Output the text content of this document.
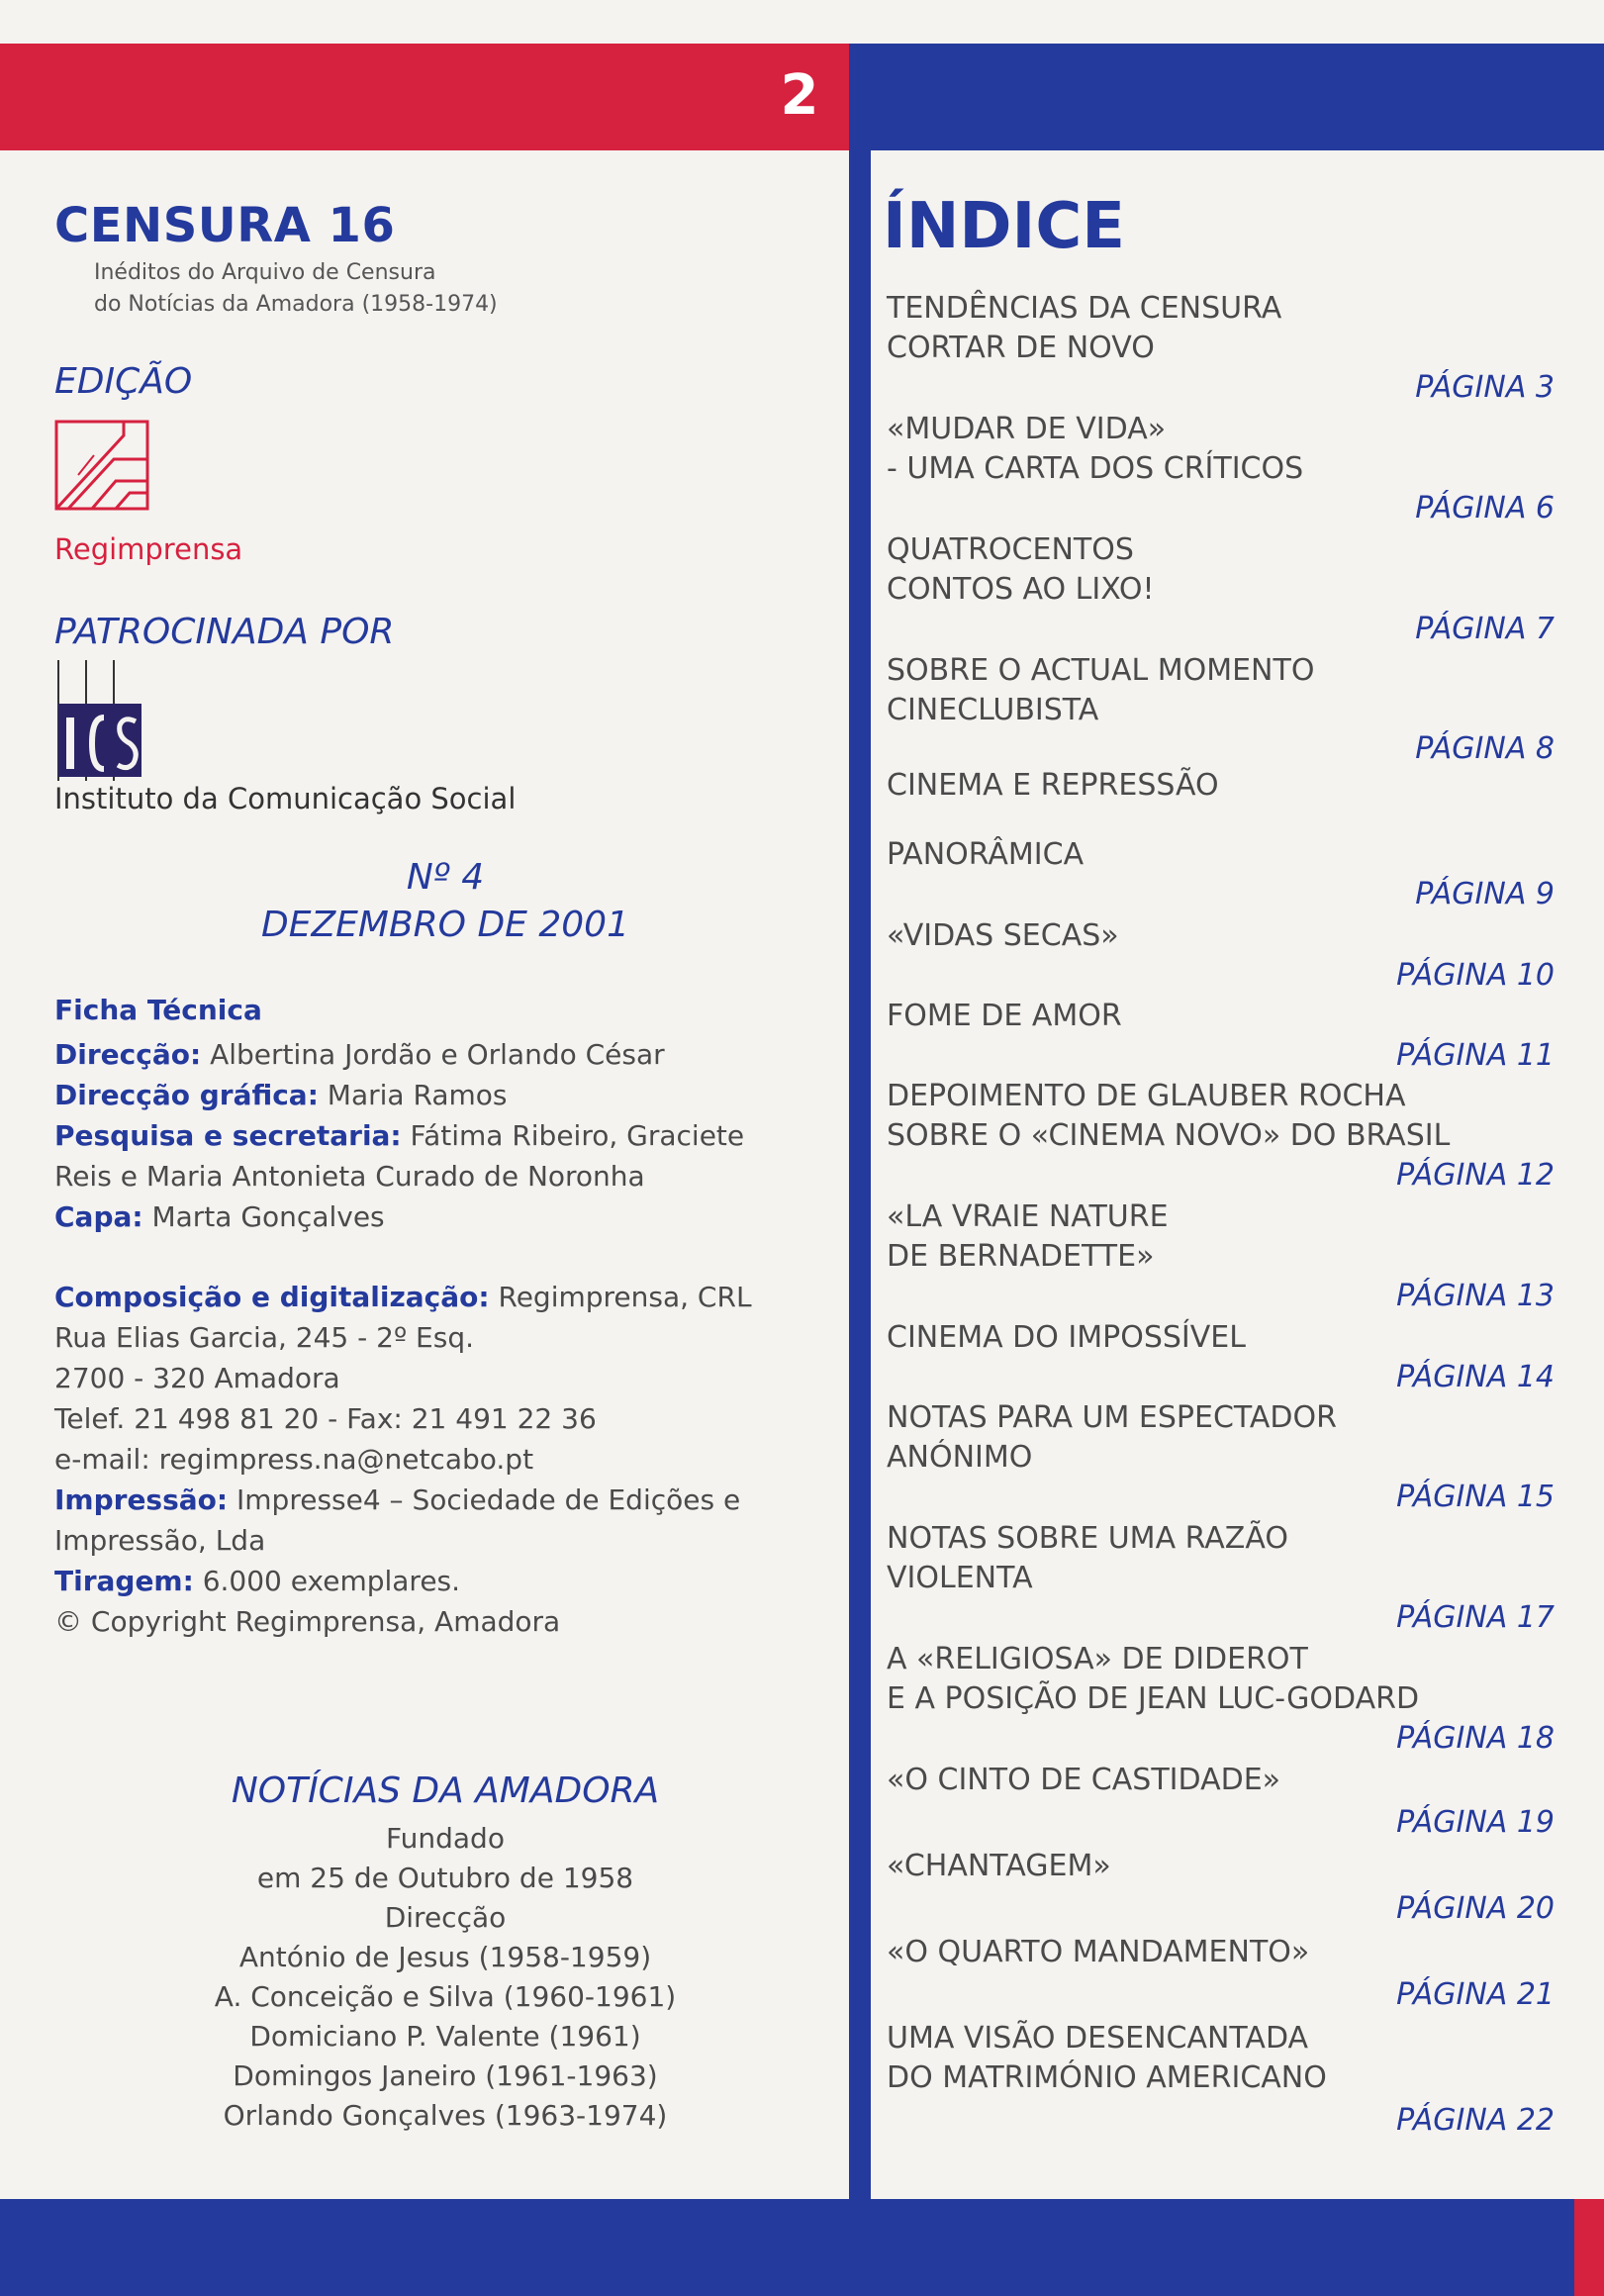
2
CENSURA 16
Inéditos do Arquivo de Censura
do Notícias da Amadora (1958-1974)
EDIÇÃO
Regimprensa
PATROCINADA POR
Instituto da Comunicação Social
Nº 4
DEZEMBRO DE 2001
Ficha Técnica
Direcção: Albertina Jordão e Orlando César
Direcção gráfica: Maria Ramos
Pesquisa e secretaria: Fátima Ribeiro, Graciete
Reis e Maria Antonieta Curado de Noronha
Capa: Marta Gonçalves
Composição e digitalização: Regimprensa, CRL
Rua Elias Garcia, 245 - 2º Esq.
2700 - 320 Amadora
Telef. 21 498 81 20 - Fax: 21 491 22 36
e-mail: regimpress.na@netcabo.pt
Impressão: Impresse4 – Sociedade de Edições e
Impressão, Lda
Tiragem: 6.000 exemplares.
© Copyright Regimprensa, Amadora
NOTÍCIAS DA AMADORA
Fundado
em 25 de Outubro de 1958
Direcção
António de Jesus (1958-1959)
A. Conceição e Silva (1960-1961)
Domiciano P. Valente (1961)
Domingos Janeiro (1961-1963)
Orlando Gonçalves (1963-1974)
ÍNDICE
TENDÊNCIAS DA CENSURA
CORTAR DE NOVO
PÁGINA 3
«MUDAR DE VIDA»
- UMA CARTA DOS CRÍTICOS
PÁGINA 6
QUATROCENTOS
CONTOS AO LIXO!
PÁGINA 7
SOBRE O ACTUAL MOMENTO
CINECLUBISTA
PÁGINA 8
CINEMA E REPRESSÃO
PANORÂMICA
PÁGINA 9
«VIDAS SECAS»
PÁGINA 10
FOME DE AMOR
PÁGINA 11
DEPOIMENTO DE GLAUBER ROCHA
SOBRE O «CINEMA NOVO» DO BRASIL
PÁGINA 12
«LA VRAIE NATURE
DE BERNADETTE»
PÁGINA 13
CINEMA DO IMPOSSÍVEL
PÁGINA 14
NOTAS PARA UM ESPECTADOR
ANÓNIMO
PÁGINA 15
NOTAS SOBRE UMA RAZÃO
VIOLENTA
PÁGINA 17
A «RELIGIOSA» DE DIDEROT
E A POSIÇÃO DE JEAN LUC-GODARD
PÁGINA 18
«O CINTO DE CASTIDADE»
PÁGINA 19
«CHANTAGEM»
PÁGINA 20
«O QUARTO MANDAMENTO»
PÁGINA 21
UMA VISÃO DESENCANTADA
DO MATRIMÓNIO AMERICANO
PÁGINA 22
